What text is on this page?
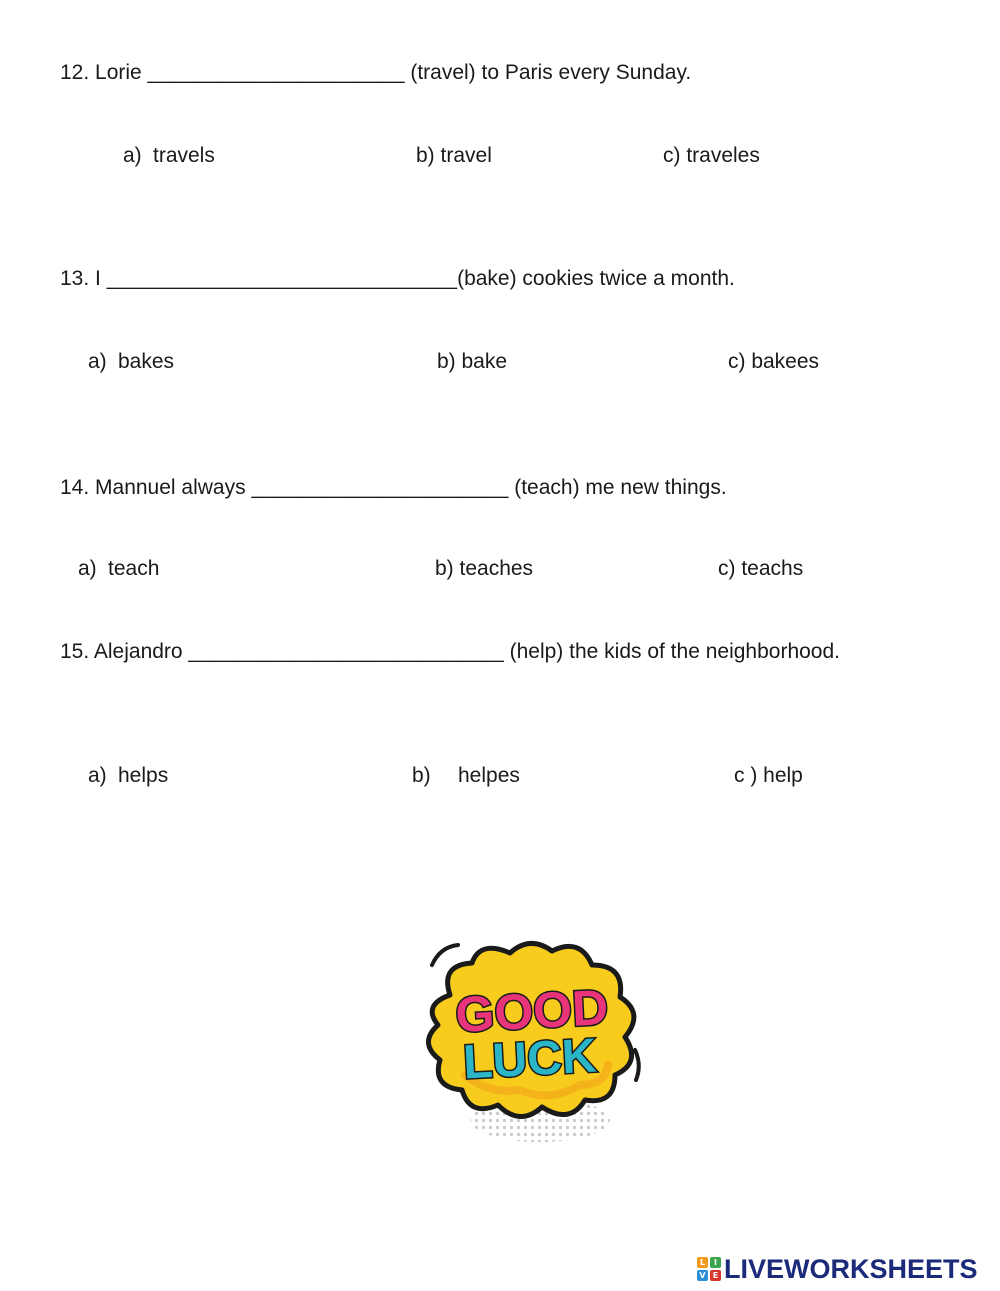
12. Lorie ______________________ (travel) to Paris every Sunday.
a) travels	b) travel	c) traveles
13. I ______________________________(bake) cookies twice a month.
a) bakes	b) bake	c) bakees
14. Mannuel always ______________________ (teach) me new things.
a) teach	b) teaches	c) teachs
15. Alejandro ___________________________ (help) the kids of the neighborhood.
a) helps	b) helpes	c ) help
GOOD
LUCK
L	I
V E LIVEWORKSHEETS
